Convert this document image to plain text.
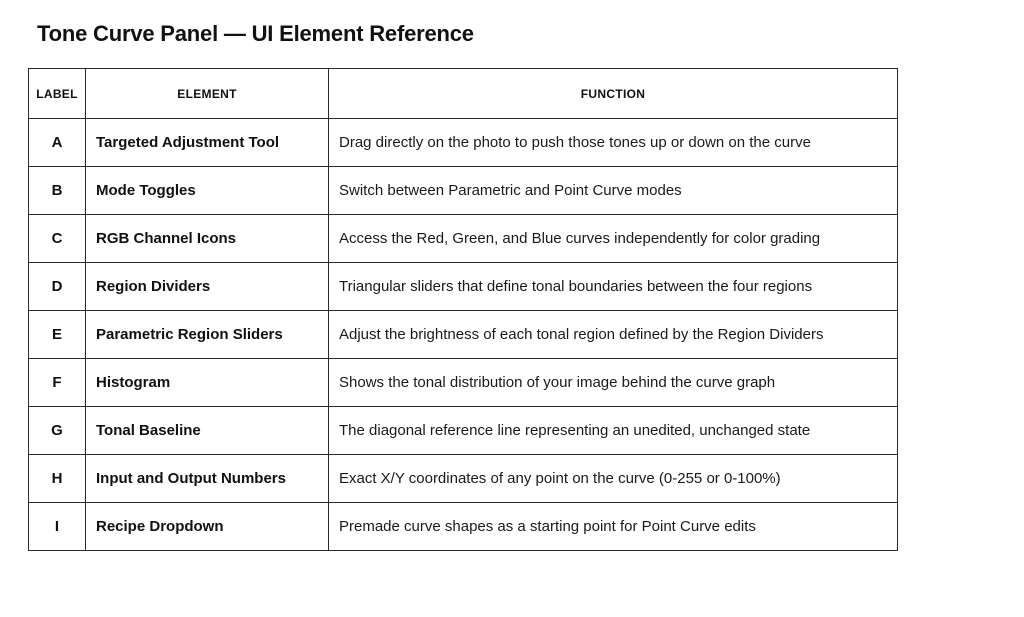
Tone Curve Panel — UI Element Reference
LABEL	ELEMENT	FUNCTION
A	Targeted Adjustment Tool	Drag directly on the photo to push those tones up or down on the curve
B	Mode Toggles	Switch between Parametric and Point Curve modes
C	RGB Channel Icons	Access the Red, Green, and Blue curves independently for color grading
D	Region Dividers	Triangular sliders that define tonal boundaries between the four regions
E	Parametric Region Sliders	Adjust the brightness of each tonal region defined by the Region Dividers
F	Histogram	Shows the tonal distribution of your image behind the curve graph
G	Tonal Baseline	The diagonal reference line representing an unedited, unchanged state
H	Input and Output Numbers	Exact X/Y coordinates of any point on the curve (0-255 or 0-100%)
I	Recipe Dropdown	Premade curve shapes as a starting point for Point Curve edits
